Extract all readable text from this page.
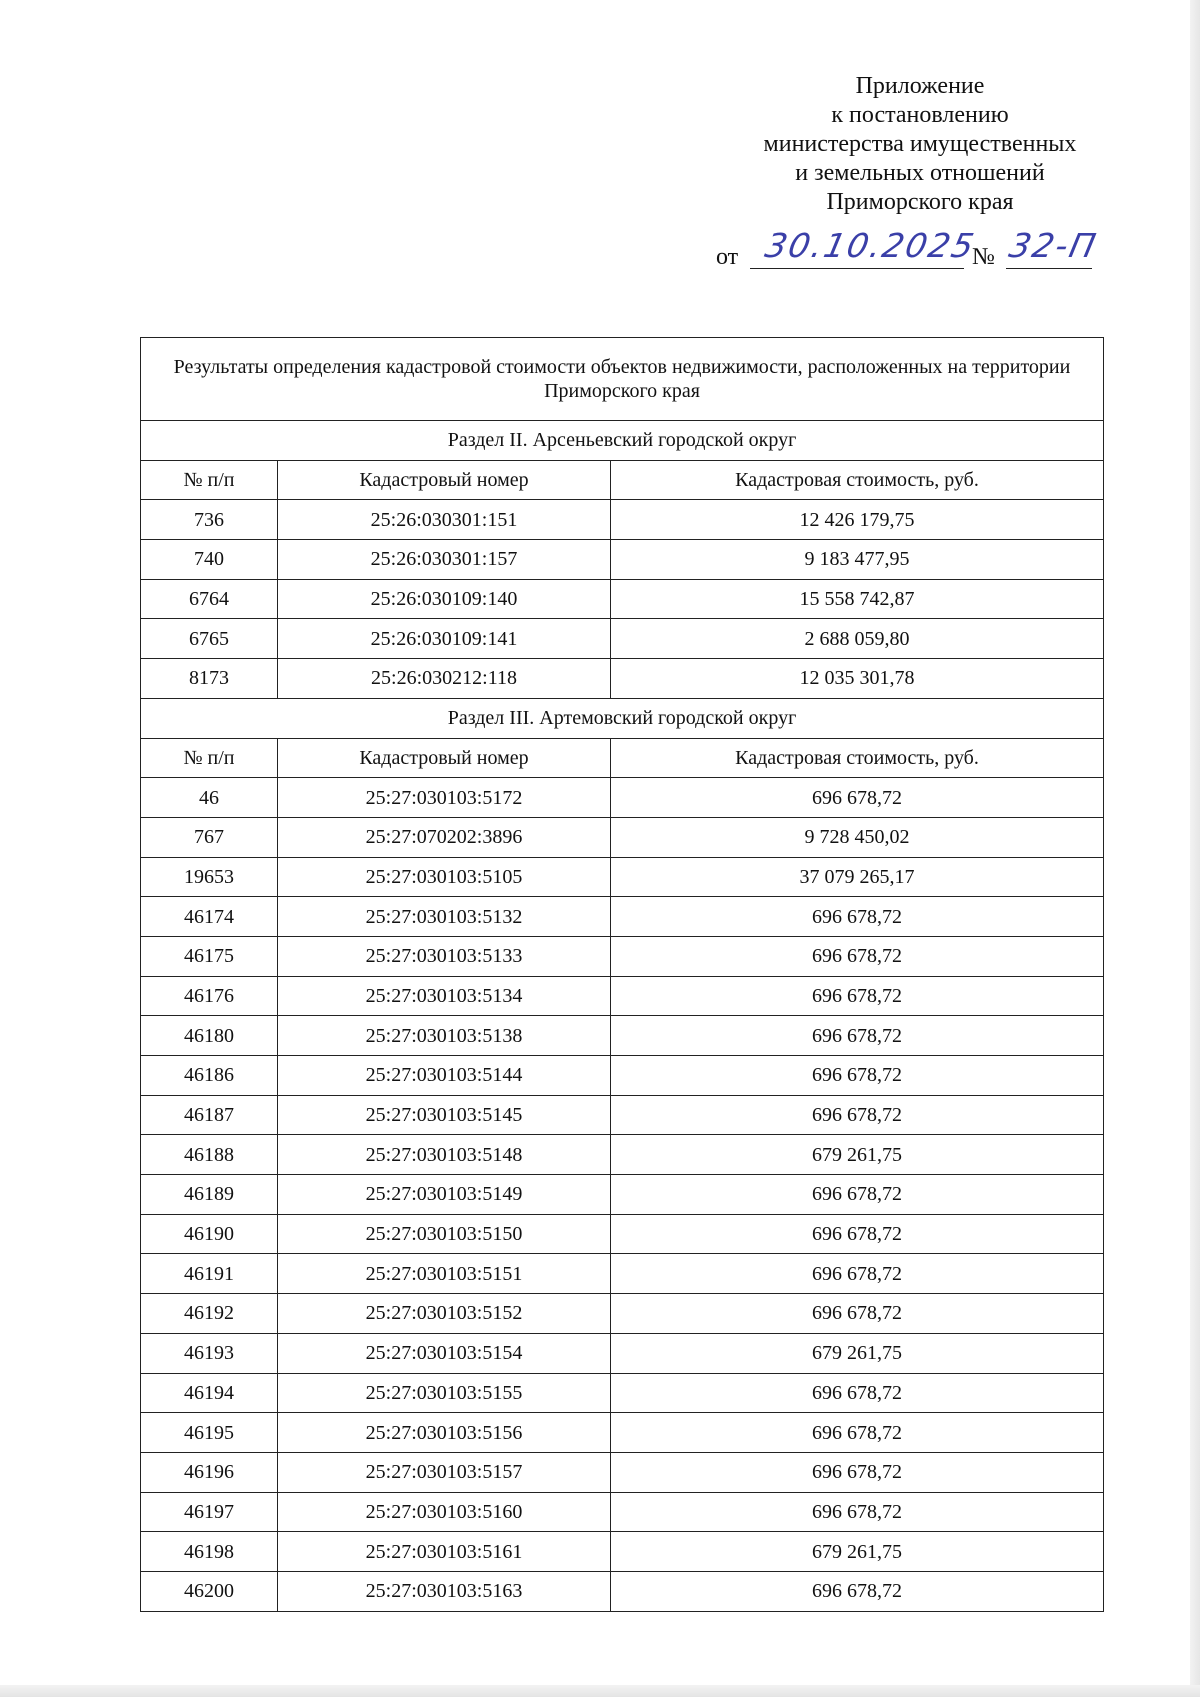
Приложение
к постановлению
министерства имущественных
и земельных отношений
Приморского края
от 30.10.2025
№ 32-П
Результаты определения кадастровой стоимости объектов недвижимости, расположенных на территории Приморского края		
Раздел II. Арсеньевский городской округ		
№ п/п	Кадастровый номер	Кадастровая стоимость, руб.
736	25:26:030301:151	12 426 179,75
740	25:26:030301:157	9 183 477,95
6764	25:26:030109:140	15 558 742,87
6765	25:26:030109:141	2 688 059,80
8173	25:26:030212:118	12 035 301,78
Раздел III. Артемовский городской округ		
№ п/п	Кадастровый номер	Кадастровая стоимость, руб.
46	25:27:030103:5172	696 678,72
767	25:27:070202:3896	9 728 450,02
19653	25:27:030103:5105	37 079 265,17
46174	25:27:030103:5132	696 678,72
46175	25:27:030103:5133	696 678,72
46176	25:27:030103:5134	696 678,72
46180	25:27:030103:5138	696 678,72
46186	25:27:030103:5144	696 678,72
46187	25:27:030103:5145	696 678,72
46188	25:27:030103:5148	679 261,75
46189	25:27:030103:5149	696 678,72
46190	25:27:030103:5150	696 678,72
46191	25:27:030103:5151	696 678,72
46192	25:27:030103:5152	696 678,72
46193	25:27:030103:5154	679 261,75
46194	25:27:030103:5155	696 678,72
46195	25:27:030103:5156	696 678,72
46196	25:27:030103:5157	696 678,72
46197	25:27:030103:5160	696 678,72
46198	25:27:030103:5161	679 261,75
46200	25:27:030103:5163	696 678,72
